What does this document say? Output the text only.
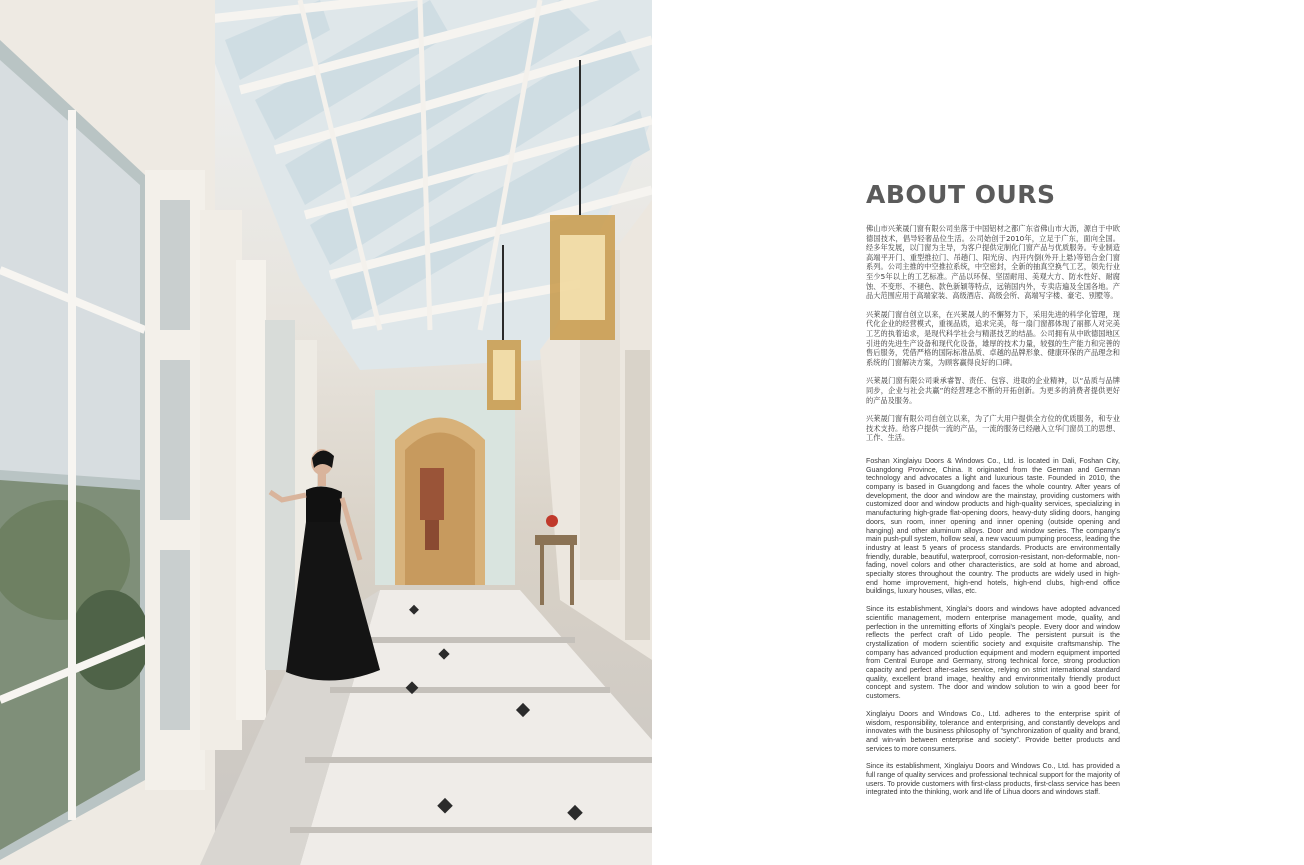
ABOUT OURS

佛山市兴莱晟门窗有限公司坐落于中国铝材之都广东省佛山市大沥，源自于中欧德国技术，倡导轻奢品位生活。公司始创于2010年，立足于广东，面向全国。经多年发展，以门窗为主导，为客户提供定制化门窗产品与优质服务。专业制造高端平开门、重型推拉门、吊趟门、阳光房、内开内倒(外开上悬)等铝合金门窗系列。公司主推的中空推拉系统，中空密封，全新的抽真空换气工艺，领先行业至少5年以上的工艺标准。产品以环保、坚固耐用、美观大方、防水性好、耐腐蚀、不变形、不褪色、款色新颖等特点，远销国内外，专卖店遍及全国各地。产品大范围应用于高端家装、高级酒店、高级会所、高端写字楼、豪宅、别墅等。

兴莱晟门窗自创立以来，在兴莱晟人的不懈努力下，采用先进的科学化管理，现代化企业的经营模式，重视品质，追求完美，每一扇门窗都体现了丽都人对完美工艺的执着追求，是现代科学社会与精湛技艺的结晶。公司拥有从中欧德国地区引进的先进生产设备和现代化设备，雄厚的技术力量，较强的生产能力和完善的售后服务，凭借严格的国际标准品质、卓越的品牌形象、健康环保的产品理念和系统的门窗解决方案，为顾客赢得良好的口碑。

兴莱晟门窗有限公司秉承睿智、责任、包容、进取的企业精神，以“品质与品牌同步，企业与社会共赢”的经营理念不断的开拓创新。为更多的消费者提供更好的产品及服务。

兴莱晟门窗有限公司自创立以来，为了广大用户提供全方位的优质服务，和专业技术支持。给客户提供一流的产品，一流的服务已经融入立华门窗员工的思想、工作、生活。

Foshan Xinglaiyu Doors & Windows Co., Ltd. is located in Dali, Foshan City, Guangdong Province, China. It originated from the German and German technology and advocates a light and luxurious taste. Founded in 2010, the company is based in Guangdong and faces the whole country. After years of development, the door and window are the mainstay, providing customers with customized door and window products and high-quality services, specializing in manufacturing high-grade flat-opening doors, heavy-duty sliding doors, hanging doors, sun room, inner opening and inner opening (outside opening and hanging) and other aluminum alloys. Door and window series. The company's main push-pull system, hollow seal, a new vacuum pumping process, leading the industry at least 5 years of process standards. Products are environmentally friendly, durable, beautiful, waterproof, corrosion-resistant, non-deformable, non-fading, novel colors and other characteristics, are sold at home and abroad, specialty stores throughout the country. The products are widely used in high-end home improvement, high-end hotels, high-end clubs, high-end office buildings, luxury houses, villas, etc.

Since its establishment, Xinglai's doors and windows have adopted advanced scientific management, modern enterprise management mode, quality, and perfection in the unremitting efforts of Xinglai's people. Every door and window reflects the perfect craft of Lido people. The persistent pursuit is the crystallization of modern scientific society and exquisite craftsmanship. The company has advanced production equipment and modern equipment imported from Central Europe and Germany, strong technical force, strong production capacity and perfect after-sales service, relying on strict international standard quality, excellent brand image, healthy and environmentally friendly product concept and system. The door and window solution to win a good beer for customers.

Xinglaiyu Doors and Windows Co., Ltd. adheres to the enterprise spirit of wisdom, responsibility, tolerance and enterprising, and constantly develops and innovates with the business philosophy of “synchronization of quality and brand, and win-win between enterprise and society”. Provide better products and services to more consumers.

Since its establishment, Xinglaiyu Doors and Windows Co., Ltd. has provided a full range of quality services and professional technical support for the majority of users. To provide customers with first-class products, first-class service has been integrated into the thinking, work and life of Lihua doors and windows staff.
